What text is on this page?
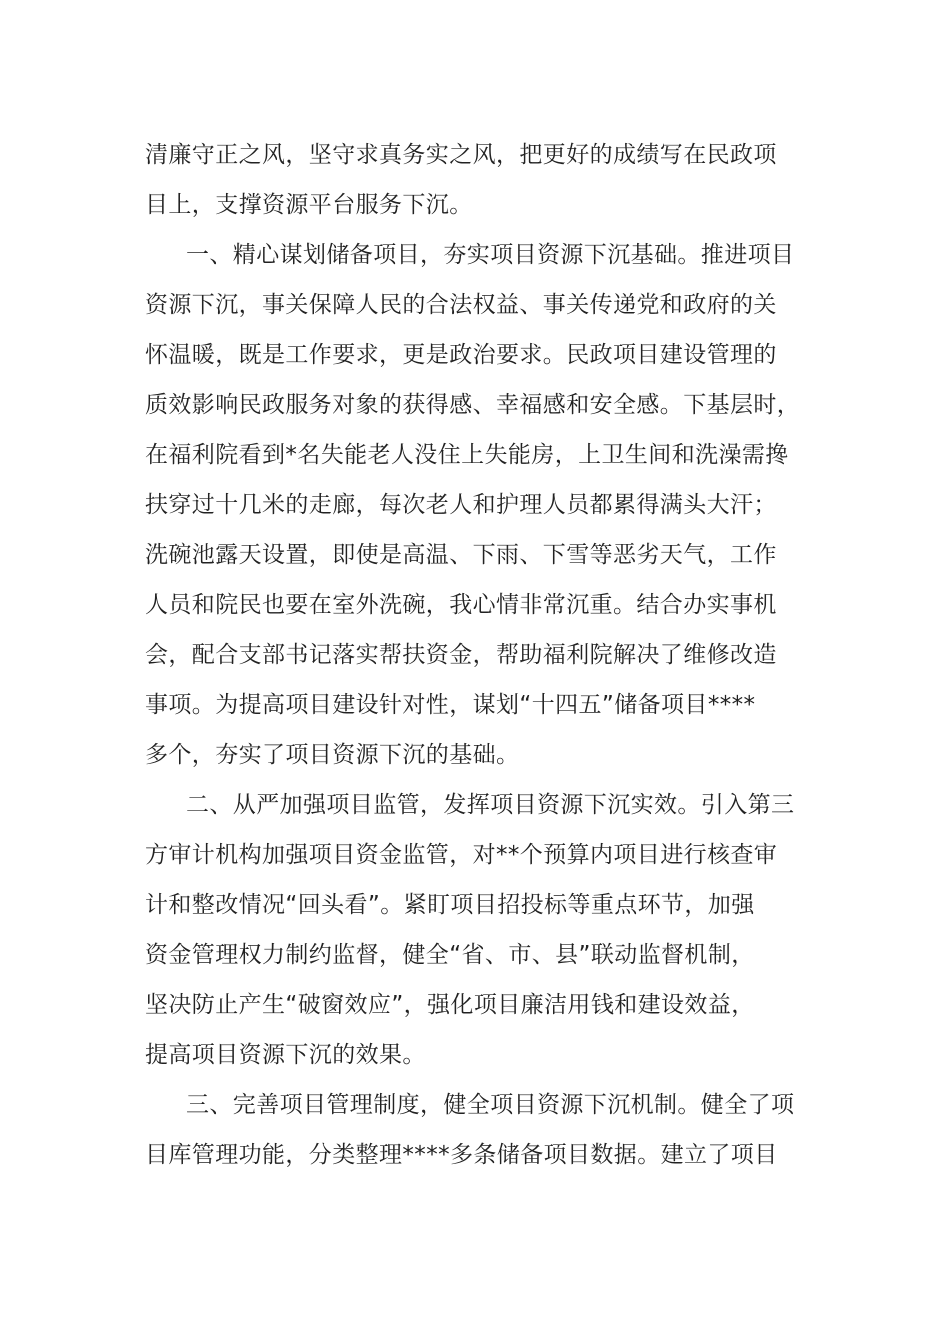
清廉守正之风，坚守求真务实之风，把更好的成绩写在民政项
目上，支撑资源平台服务下沉。
一、精心谋划储备项目，夯实项目资源下沉基础。推进项目
资源下沉，事关保障人民的合法权益、事关传递党和政府的关
怀温暖，既是工作要求，更是政治要求。民政项目建设管理的
质效影响民政服务对象的获得感、幸福感和安全感。下基层时，
在福利院看到*名失能老人没住上失能房，上卫生间和洗澡需搀
扶穿过十几米的走廊，每次老人和护理人员都累得满头大汗；
洗碗池露天设置，即使是高温、下雨、下雪等恶劣天气，工作
人员和院民也要在室外洗碗，我心情非常沉重。结合办实事机
会，配合支部书记落实帮扶资金，帮助福利院解决了维修改造
事项。为提高项目建设针对性，谋划“十四五”储备项目****
多个，夯实了项目资源下沉的基础。
二、从严加强项目监管，发挥项目资源下沉实效。引入第三
方审计机构加强项目资金监管，对**个预算内项目进行核查审
计和整改情况“回头看”。紧盯项目招投标等重点环节，加强
资金管理权力制约监督，健全“省、市、县”联动监督机制，
坚决防止产生“破窗效应”，强化项目廉洁用钱和建设效益，
提高项目资源下沉的效果。
三、完善项目管理制度，健全项目资源下沉机制。健全了项
目库管理功能，分类整理****多条储备项目数据。建立了项目
